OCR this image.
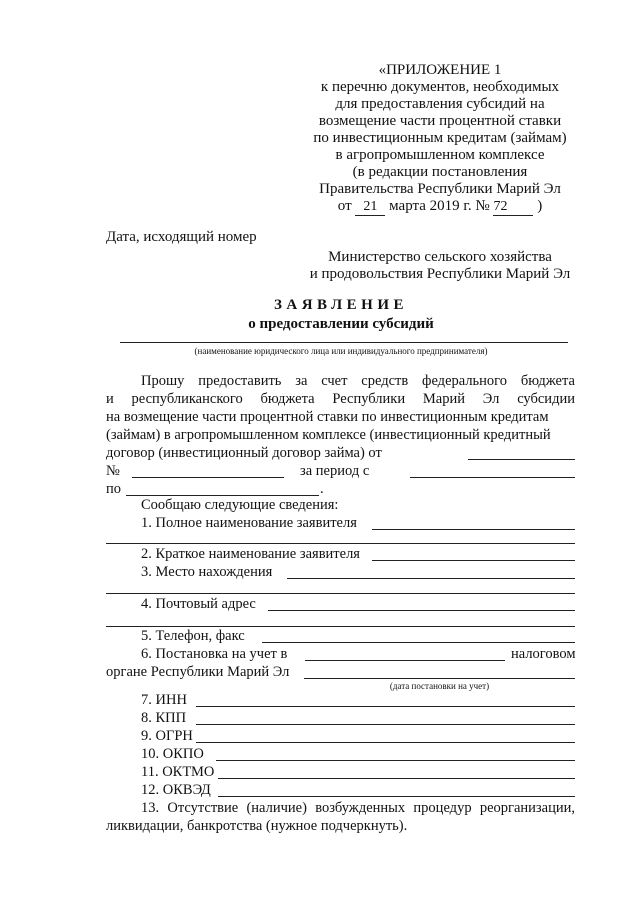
«ПРИЛОЖЕНИЕ 1
к перечню документов, необходимых
для предоставления субсидий на
возмещение части процентной ставки
по инвестиционным кредитам (займам)
в агропромышленном комплексе
(в редакции постановления
Правительства Республики Марий Эл
от 21 марта 2019 г. № 72 )
Дата, исходящий номер
Министерство сельского хозяйства
и продовольствия Республики Марий Эл
ЗАЯВЛЕНИЕ
о предоставлении субсидий
(наименование юридического лица или индивидуального предпринимателя)
Прошу предоставить за счет средств федерального бюджета
и республиканского бюджета Республики Марий Эл субсидии
на возмещение части процентной ставки по инвестиционным кредитам
(займам) в агропромышленном комплексе (инвестиционный кредитный
договор (инвестиционный договор займа) от
№	за период с
по	.
Сообщаю следующие сведения:
1. Полное наименование заявителя
2. Краткое наименование заявителя
3. Место нахождения
4. Почтовый адрес
5. Телефон, факс
6. Постановка на учет в	налоговом
органе Республики Марий Эл
(дата постановки на учет)
7. ИНН
8. КПП
9. ОГРН
10. ОКПО
11. ОКТМО
12. ОКВЭД
13. Отсутствие (наличие) возбужденных процедур реорганизации,
ликвидации, банкротства (нужное подчеркнуть).
